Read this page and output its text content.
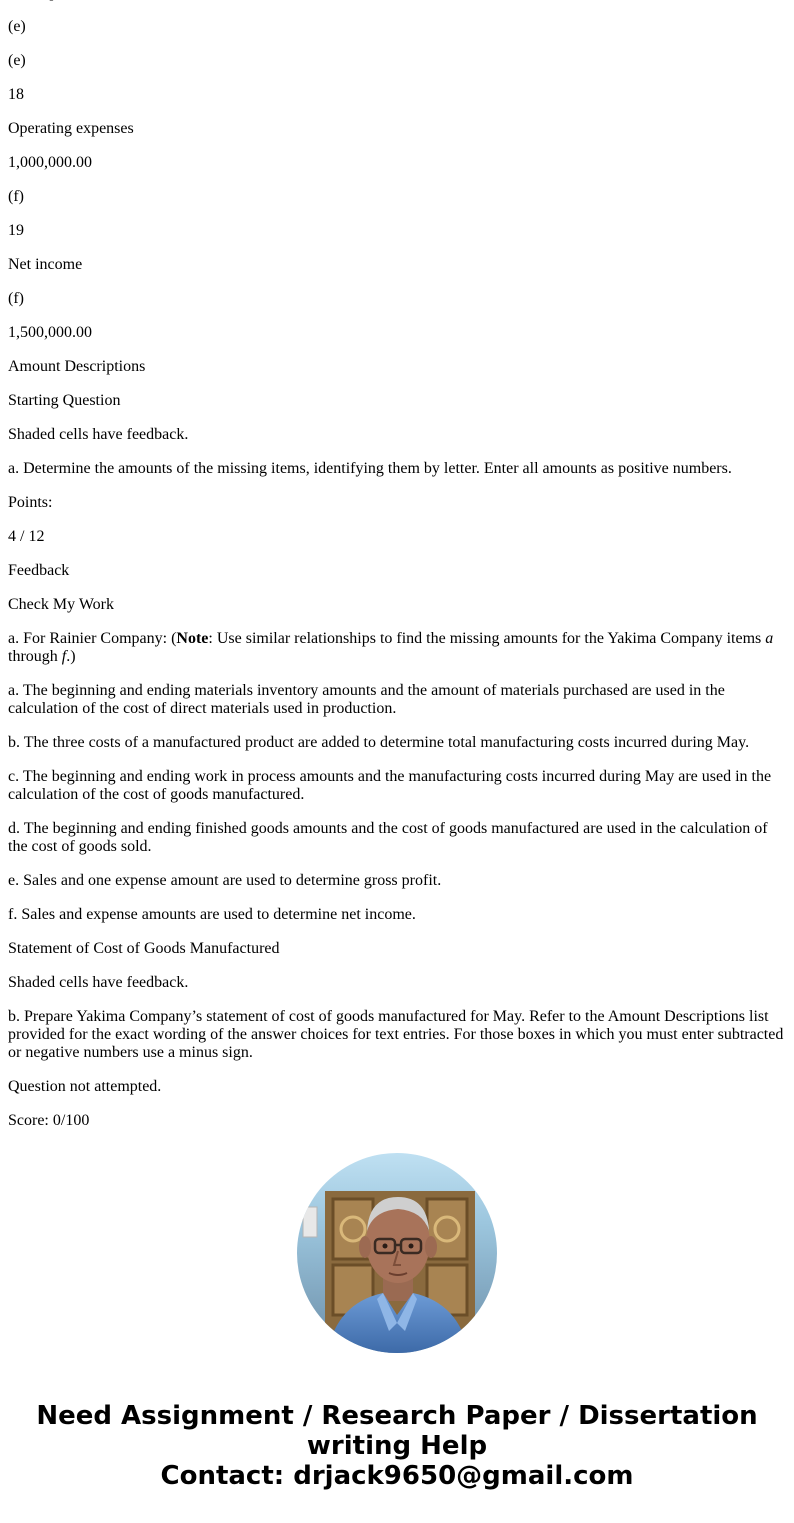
(e)

(e)

18

Operating expenses

1,000,000.00

(f)

19

Net income

(f)

1,500,000.00

Amount Descriptions

Starting Question

Shaded cells have feedback.

a. Determine the amounts of the missing items, identifying them by letter. Enter all amounts as positive numbers.

Points:

4 / 12

Feedback

Check My Work

a. For Rainier Company: (Note: Use similar relationships to find the missing amounts for the Yakima Company items a through f.)

a. The beginning and ending materials inventory amounts and the amount of materials purchased are used in the calculation of the cost of direct materials used in production.

b. The three costs of a manufactured product are added to determine total manufacturing costs incurred during May.

c. The beginning and ending work in process amounts and the manufacturing costs incurred during May are used in the calculation of the cost of goods manufactured.

d. The beginning and ending finished goods amounts and the cost of goods manufactured are used in the calculation of the cost of goods sold.

e. Sales and one expense amount are used to determine gross profit.

f. Sales and expense amounts are used to determine net income.

Statement of Cost of Goods Manufactured

Shaded cells have feedback.

b. Prepare Yakima Company’s statement of cost of goods manufactured for May. Refer to the Amount Descriptions list provided for the exact wording of the answer choices for text entries. For those boxes in which you must enter subtracted or negative numbers use a minus sign.

Question not attempted.

Score: 0/100

Need Assignment / Research Paper / Dissertation
writing Help
Contact: drjack9650@gmail.com
